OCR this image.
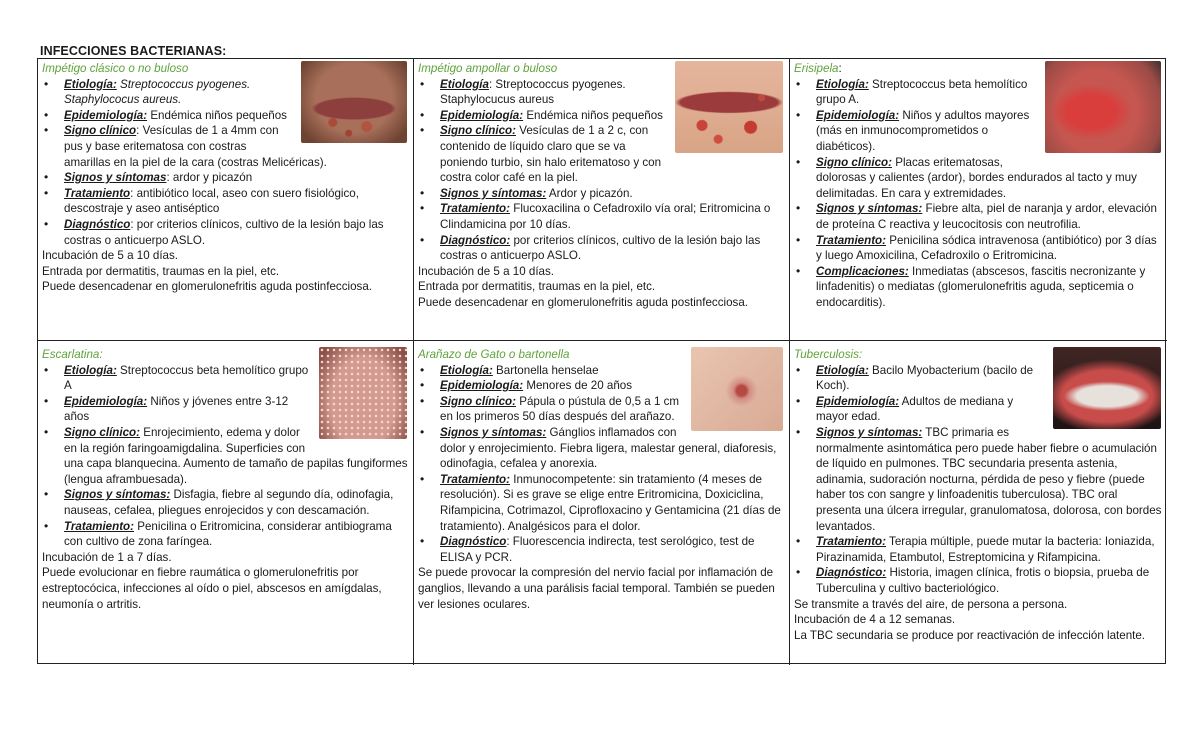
INFECCIONES BACTERIANAS:
Impétigo clásico o no buloso
• Etiología: Streptococcus pyogenes.
Staphylococus aureus.
• Epidemiología: Endémica niños pequeños
• Signo clínico: Vesículas de 1 a 4mm con pus y base eritematosa con costras amarillas en la piel de la cara (costras Melicéricas).
• Signos y síntomas: ardor y picazón
• Tratamiento: antibiótico local, aseo con suero fisiológico, descostraje y aseo antiséptico
• Diagnóstico: por criterios clínicos, cultivo de la lesión bajo las costras o anticuerpo ASLO.
Incubación de 5 a 10 días.
Entrada por dermatitis, traumas en la piel, etc.
Puede desencadenar en glomerulonefritis aguda postinfecciosa.
Impétigo ampollar o buloso
• Etiología: Streptococcus pyogenes.
Staphylocucus aureus
• Epidemiología: Endémica niños pequeños
• Signo clínico: Vesículas de 1 a 2 c, con contenido de líquido claro que se va poniendo turbio, sin halo eritematoso y con costra color café en la piel.
• Signos y síntomas: Ardor y picazón.
• Tratamiento: Flucoxacilina o Cefadroxilo vía oral; Eritromicina o Clindamicina por 10 días.
• Diagnóstico: por criterios clínicos, cultivo de la lesión bajo las costras o anticuerpo ASLO.
Incubación de 5 a 10 días.
Entrada por dermatitis, traumas en la piel, etc.
Puede desencadenar en glomerulonefritis aguda postinfecciosa.
Erisipela:
• Etiología: Streptococcus beta hemolítico grupo A.
• Epidemiología: Niños y adultos mayores (más en inmunocomprometidos o diabéticos).
• Signo clínico: Placas eritematosas, dolorosas y calientes (ardor), bordes endurados al tacto y muy delimitadas. En cara y extremidades.
• Signos y síntomas: Fiebre alta, piel de naranja y ardor, elevación de proteína C reactiva y leucocitosis con neutrofilia.
• Tratamiento: Penicilina sódica intravenosa (antibiótico) por 3 días y luego Amoxicilina, Cefadroxilo o Eritromicina.
• Complicaciones: Inmediatas (abscesos, fascitis necronizante y linfadenitis) o mediatas (glomerulonefritis aguda, septicemia o endocarditis).
Escarlatina:
• Etiología: Streptococcus beta hemolítico grupo A
• Epidemiología: Niños y jóvenes entre 3-12 años
• Signo clínico: Enrojecimiento, edema y dolor en la región faringoamigdalina. Superficies con una capa blanquecina. Aumento de tamaño de papilas fungiformes (lengua aframbuesada).
• Signos y síntomas: Disfagia, fiebre al segundo día, odinofagia, nauseas, cefalea, pliegues enrojecidos y con descamación.
• Tratamiento: Penicilina o Eritromicina, considerar antibiograma con cultivo de zona faríngea.
Incubación de 1 a 7 días.
Puede evolucionar en fiebre raumática o glomerulonefritis por estreptocócica, infecciones al oído o piel, abscesos en amígdalas, neumonía o artritis.
Arañazo de Gato o bartonella
• Etiología: Bartonella henselae
• Epidemiología: Menores de 20 años
• Signo clínico: Pápula o pústula de 0,5 a 1 cm en los primeros 50 días después del arañazo.
• Signos y síntomas: Gánglios inflamados con dolor y enrojecimiento. Fiebra ligera, malestar general, diaforesis, odinofagia, cefalea y anorexia.
• Tratamiento: Inmunocompetente: sin tratamiento (4 meses de resolución). Si es grave se elige entre Eritromicina, Doxiciclina, Rifampicina, Cotrimazol, Ciprofloxacino y Gentamicina (21 días de tratamiento). Analgésicos para el dolor.
• Diagnóstico: Fluorescencia indirecta, test serológico, test de ELISA y PCR.
Se puede provocar la compresión del nervio facial por inflamación de ganglios, llevando a una parálisis facial temporal. También se pueden ver lesiones oculares.
Tuberculosis:
• Etiología: Bacilo Myobacterium (bacilo de Koch).
• Epidemiología: Adultos de mediana y mayor edad.
• Signos y síntomas: TBC primaria es normalmente asintomática pero puede haber fiebre o acumulación de líquido en pulmones. TBC secundaria presenta astenia, adinamia, sudoración nocturna, pérdida de peso y fiebre (puede haber tos con sangre y linfoadenitis tuberculosa). TBC oral presenta una úlcera irregular, granulomatosa, dolorosa, con bordes levantados.
• Tratamiento: Terapia múltiple, puede mutar la bacteria: Ioniazida, Pirazinamida, Etambutol, Estreptomicina y Rifampicina.
• Diagnóstico: Historia, imagen clínica, frotis o biopsia, prueba de Tuberculina y cultivo bacteriológico.
Se transmite a través del aire, de persona a persona.
Incubación de 4 a 12 semanas.
La TBC secundaria se produce por reactivación de infección latente.
